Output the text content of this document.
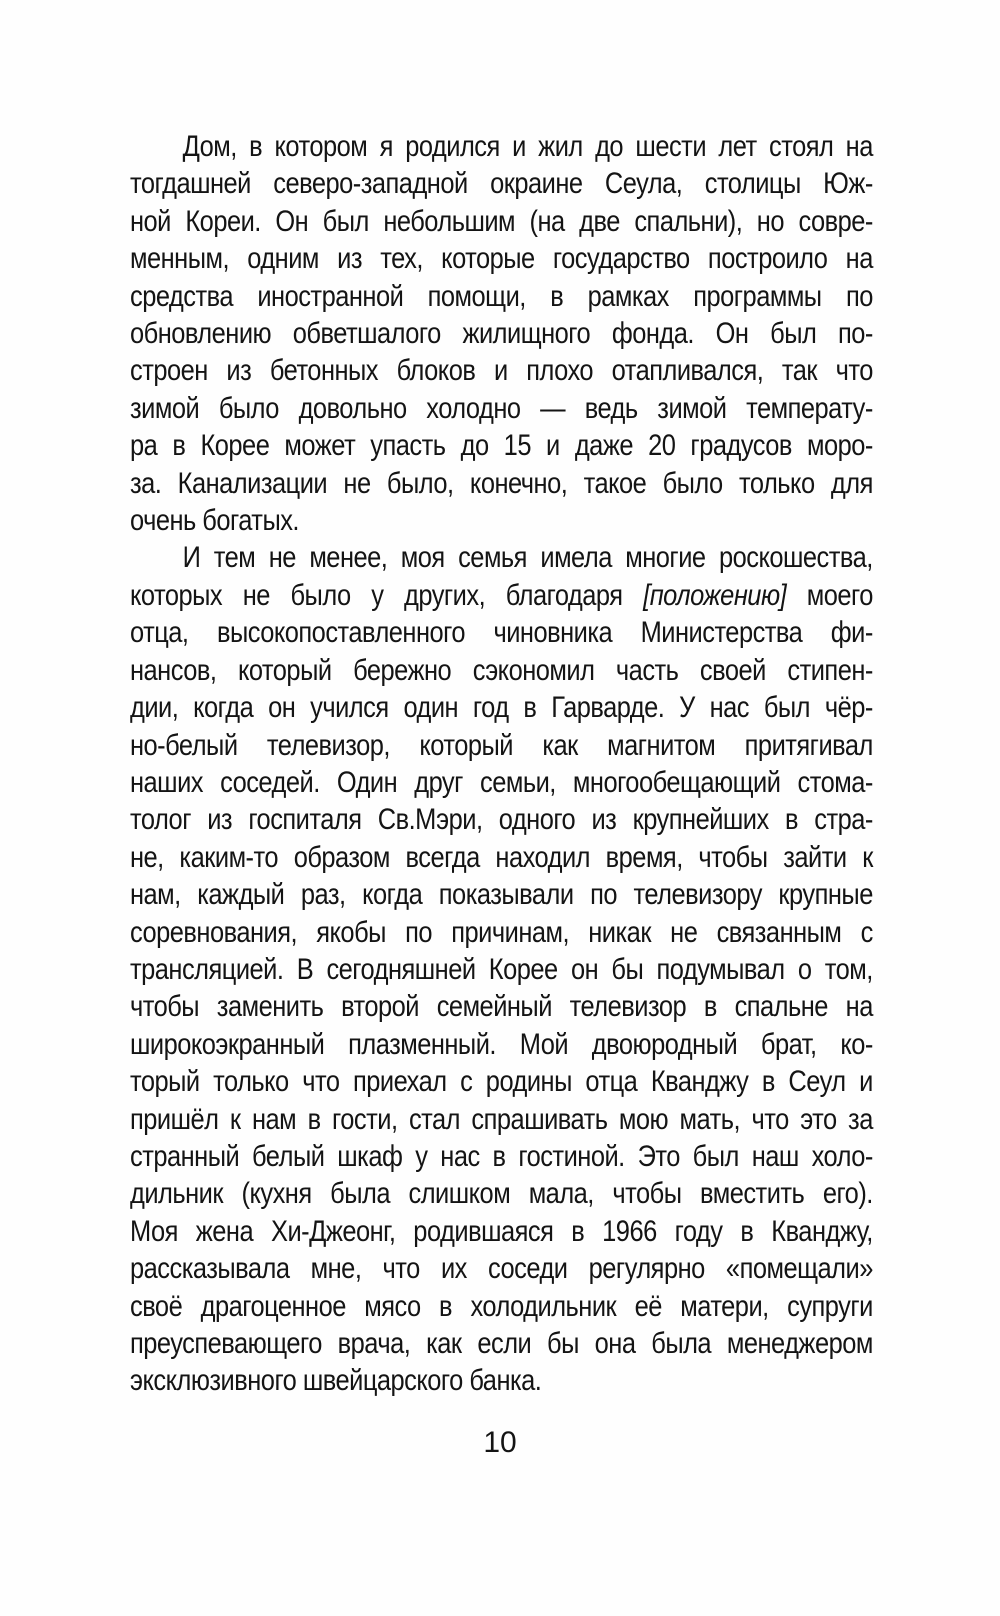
Дом, в котором я родился и жил до шести лет стоял на
тогдашней северо-западной окраине Сеула, столицы Юж-
ной Кореи. Он был небольшим (на две спальни), но совре-
менным, одним из тех, которые государство построило на
средства иностранной помощи, в рамках программы по
обновлению обветшалого жилищного фонда. Он был по-
строен из бетонных блоков и плохо отапливался, так что
зимой было довольно холодно — ведь зимой температу-
ра в Корее может упасть до 15 и даже 20 градусов моро-
за. Канализации не было, конечно, такое было только для
очень богатых.
И тем не менее, моя семья имела многие роскошества,
которых не было у других, благодаря [положению] моего
отца, высокопоставленного чиновника Министерства фи-
нансов, который бережно сэкономил часть своей стипен-
дии, когда он учился один год в Гарварде. У нас был чёр-
но-белый телевизор, который как магнитом притягивал
наших соседей. Один друг семьи, многообещающий стома-
толог из госпиталя Св.Мэри, одного из крупнейших в стра-
не, каким-то образом всегда находил время, чтобы зайти к
нам, каждый раз, когда показывали по телевизору крупные
соревнования, якобы по причинам, никак не связанным с
трансляцией. В сегодняшней Корее он бы подумывал о том,
чтобы заменить второй семейный телевизор в спальне на
широкоэкранный плазменный. Мой двоюродный брат, ко-
торый только что приехал с родины отца Кванджу в Сеул и
пришёл к нам в гости, стал спрашивать мою мать, что это за
странный белый шкаф у нас в гостиной. Это был наш холо-
дильник (кухня была слишком мала, чтобы вместить его).
Моя жена Хи-Джеонг, родившаяся в 1966 году в Кванджу,
рассказывала мне, что их соседи регулярно «помещали»
своё драгоценное мясо в холодильник её матери, супруги
преуспевающего врача, как если бы она была менеджером
эксклюзивного швейцарского банка.
10
